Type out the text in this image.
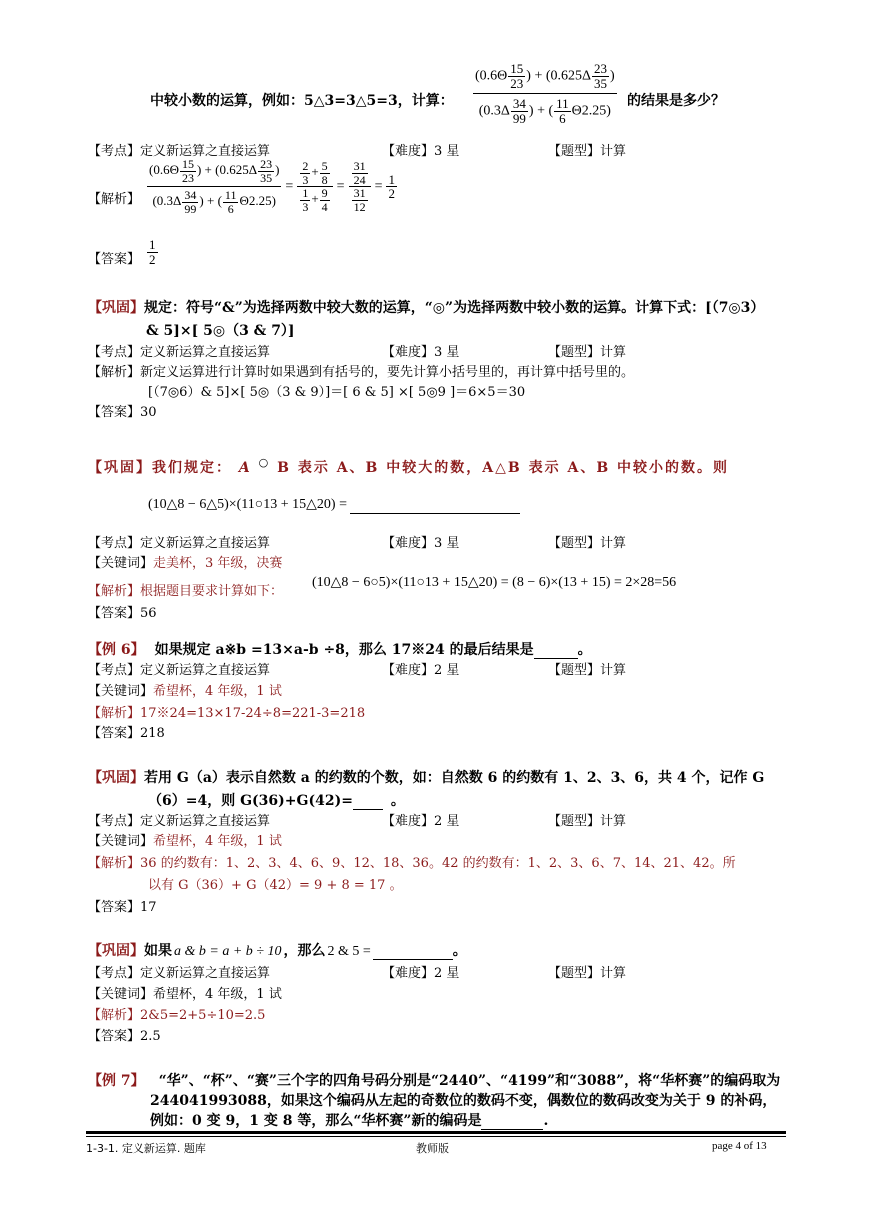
中较小数的运算，例如：5△3=3△5=3，计算： $\frac{(0.6\Theta \frac{15}{23} ) + (0.625\Delta \frac{23}{35} )}{(0.3\Delta \frac{34}{99} ) + ( \frac{11}{6} \Theta 2.25)}$ 的结果是多少？
【考点】定义新运算之直接运算	【难度】3 星	【题型】计算
【解析】 $\frac{(0.6\Theta \frac{15}{23} ) + (0.625\Delta \frac{23}{35} )}{(0.3\Delta \frac{34}{99} ) + ( \frac{11}{6} \Theta 2.25)} = \frac{\frac{2}{3} + \frac{5}{8}}{\frac{1}{3} + \frac{9}{4}} = \frac{\frac{31}{24}}{\frac{31}{12}} = \frac{1}{2}$
【答案】 $\frac{1}{2}$
【巩固】规定：符号“&”为选择两数中较大数的运算，“◎”为选择两数中较小数的运算。计算下式：[（7◎3）
& 5]×[ 5◎（3 & 7）]
【考点】定义新运算之直接运算	【难度】3 星	【题型】计算
【解析】新定义运算进行计算时如果遇到有括号的，要先计算小括号里的，再计算中括号里的。
[（7◎6）& 5]×[ 5◎（3 & 9）]＝[ 6 & 5] ×[ 5◎9 ]＝6×5＝30
【答案】30
【巩固】我们规定： A ○ B 表示 A、B 中较大的数，A△B 表示 A、B 中较小的数。则
(10△8 − 6△5)×(11○13 + 15△20) =
【考点】定义新运算之直接运算	【难度】3 星	【题型】计算
【关键词】走美杯，3 年级，决赛
【解析】根据题目要求计算如下：
(10△8 − 6○5)×(11○13 + 15△20) = (8 − 6)×(13 + 15) = 2×28=56
【答案】56
【例 6】 如果规定 a※b =13×a-b ÷8，那么 17※24 的最后结果是	。
【考点】定义新运算之直接运算	【难度】2 星	【题型】计算
【关键词】希望杯，4 年级，1 试
【解析】17※24=13×17-24÷8=221-3=218
【答案】218
【巩固】若用 G（a）表示自然数 a 的约数的个数，如：自然数 6 的约数有 1、2、3、6，共 4 个，记作 G
（6）=4，则 G(36)+G(42)=	。
【考点】定义新运算之直接运算	【难度】2 星	【题型】计算
【关键词】希望杯，4 年级，1 试
【解析】36 的约数有：1、2、3、4、6、9、12、18、36。42 的约数有：1、2、3、6、7、14、21、42。所
以有 G（36）+ G（42）= 9 + 8 = 17 。
【答案】17
【巩固】如果 a & b = a + b ÷ 10 ，那么 2 & 5 =	。
【考点】定义新运算之直接运算	【难度】2 星	【题型】计算
【关键词】希望杯，4 年级，1 试
【解析】2&5=2+5÷10=2.5
【答案】2.5
【例 7】 “华”、“杯”、“赛”三个字的四角号码分别是“2440”、“4199”和“3088”，将“华杯赛”的编码取为
244041993088，如果这个编码从左起的奇数位的数码不变，偶数位的数码改变为关于 9 的补码，
例如：0 变 9，1 变 8 等，那么“华杯赛”新的编码是	.
1-3-1. 定义新运算. 题库	教师版	page 4 of 13
